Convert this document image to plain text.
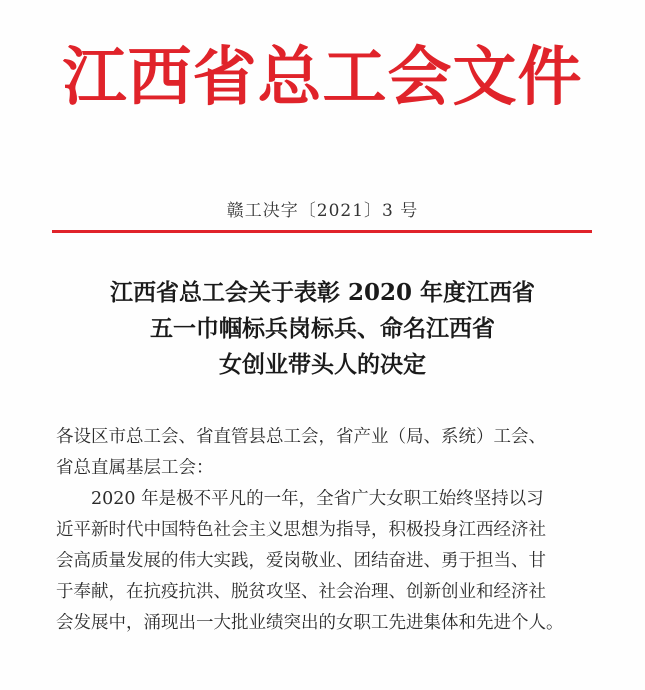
江西省总工会文件
赣工决字〔2021〕3 号
江西省总工会关于表彰 2020 年度江西省
五一巾帼标兵岗标兵、命名江西省
女创业带头人的决定

各设区市总工会、省直管县总工会，省产业（局、系统）工会、

省总直属基层工会：

　　2020 年是极不平凡的一年，全省广大女职工始终坚持以习

近平新时代中国特色社会主义思想为指导，积极投身江西经济社

会高质量发展的伟大实践，爱岗敬业、团结奋进、勇于担当、甘

于奉献，在抗疫抗洪、脱贫攻坚、社会治理、创新创业和经济社

会发展中，涌现出一大批业绩突出的女职工先进集体和先进个人。
